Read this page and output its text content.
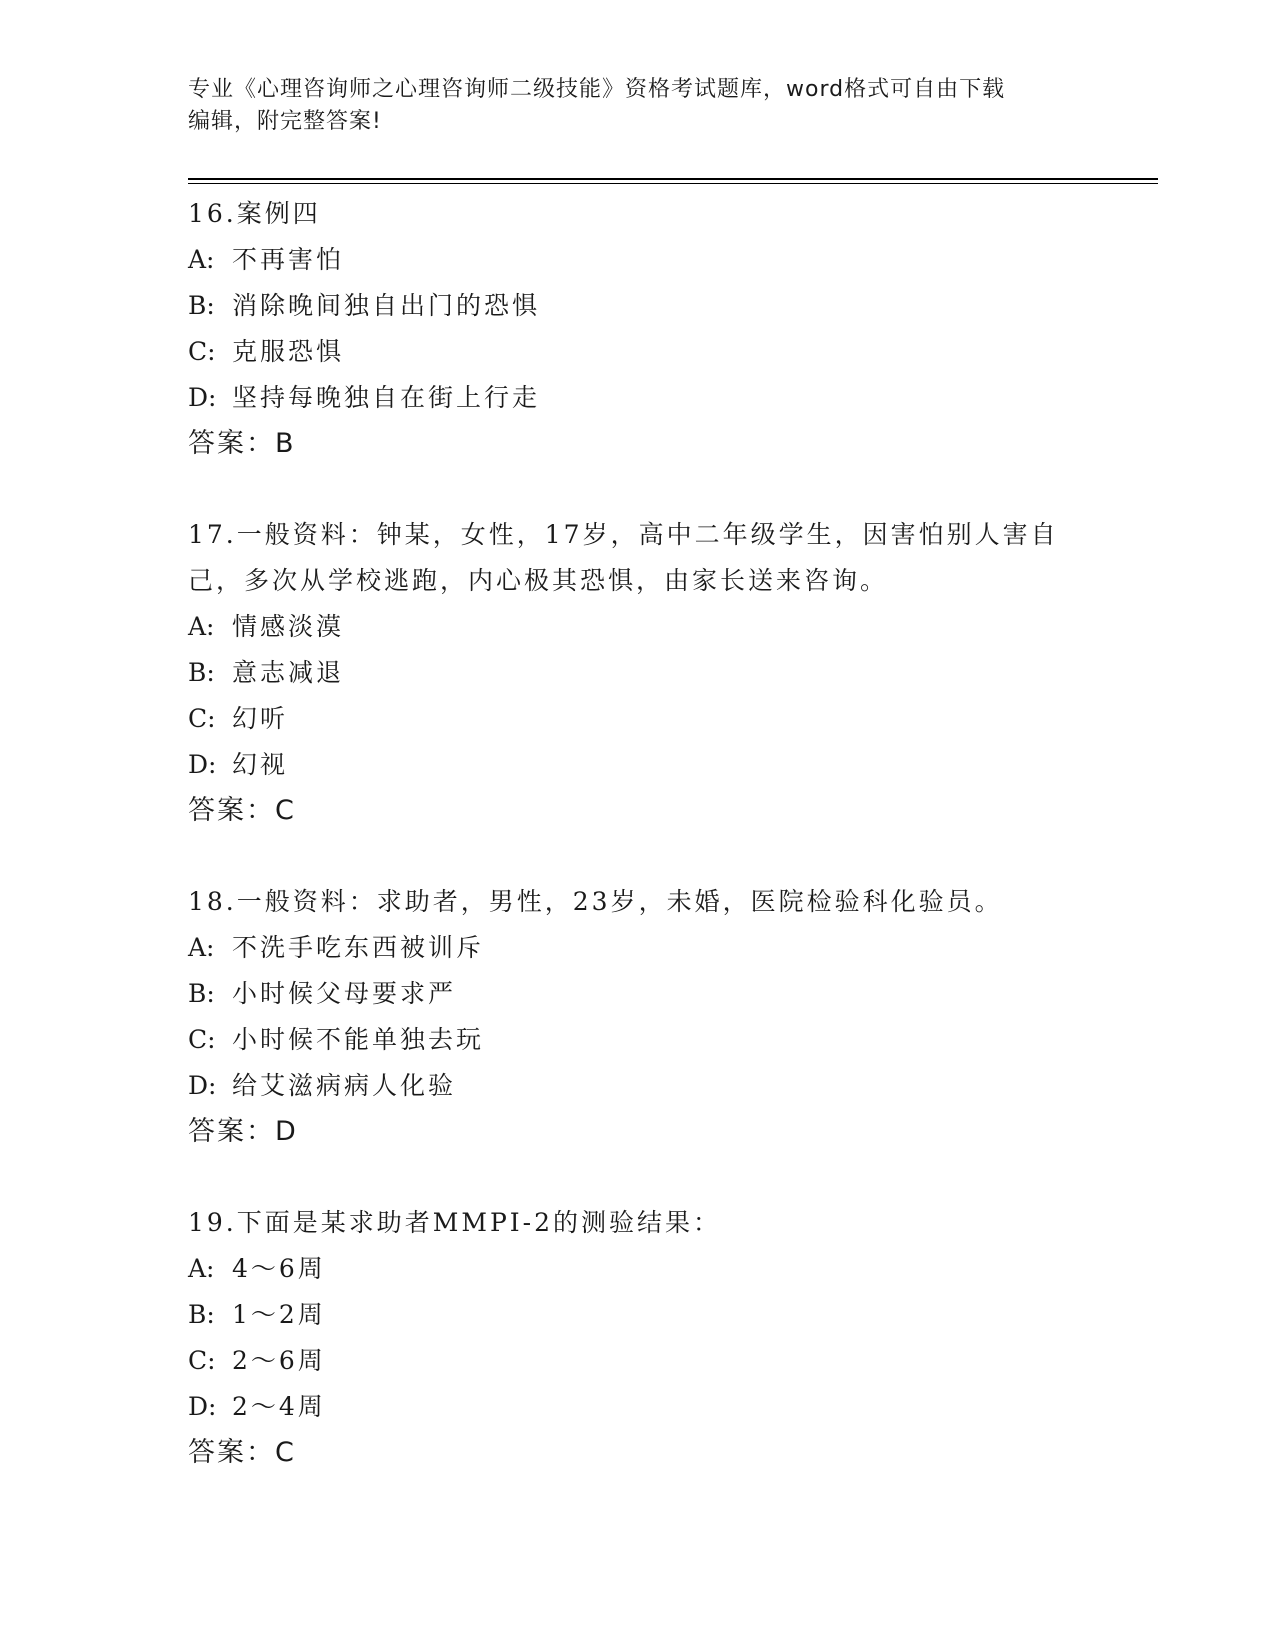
专业《心理咨询师之心理咨询师二级技能》资格考试题库，word格式可自由下载

编辑，附完整答案!

16.案例四

A: 不再害怕

B: 消除晚间独自出门的恐惧

C: 克服恐惧

D: 坚持每晚独自在街上行走

答案：B

17.一般资料：钟某，女性，17岁，高中二年级学生，因害怕别人害自

己，多次从学校逃跑，内心极其恐惧，由家长送来咨询。

A: 情感淡漠

B: 意志减退

C: 幻听

D: 幻视

答案：C

18.一般资料：求助者，男性，23岁，未婚，医院检验科化验员。

A: 不洗手吃东西被训斥

B: 小时候父母要求严

C: 小时候不能单独去玩

D: 给艾滋病病人化验

答案：D

19.下面是某求助者MMPI-2的测验结果：

A: 4～6周

B: 1～2周

C: 2～6周

D: 2～4周

答案：C
